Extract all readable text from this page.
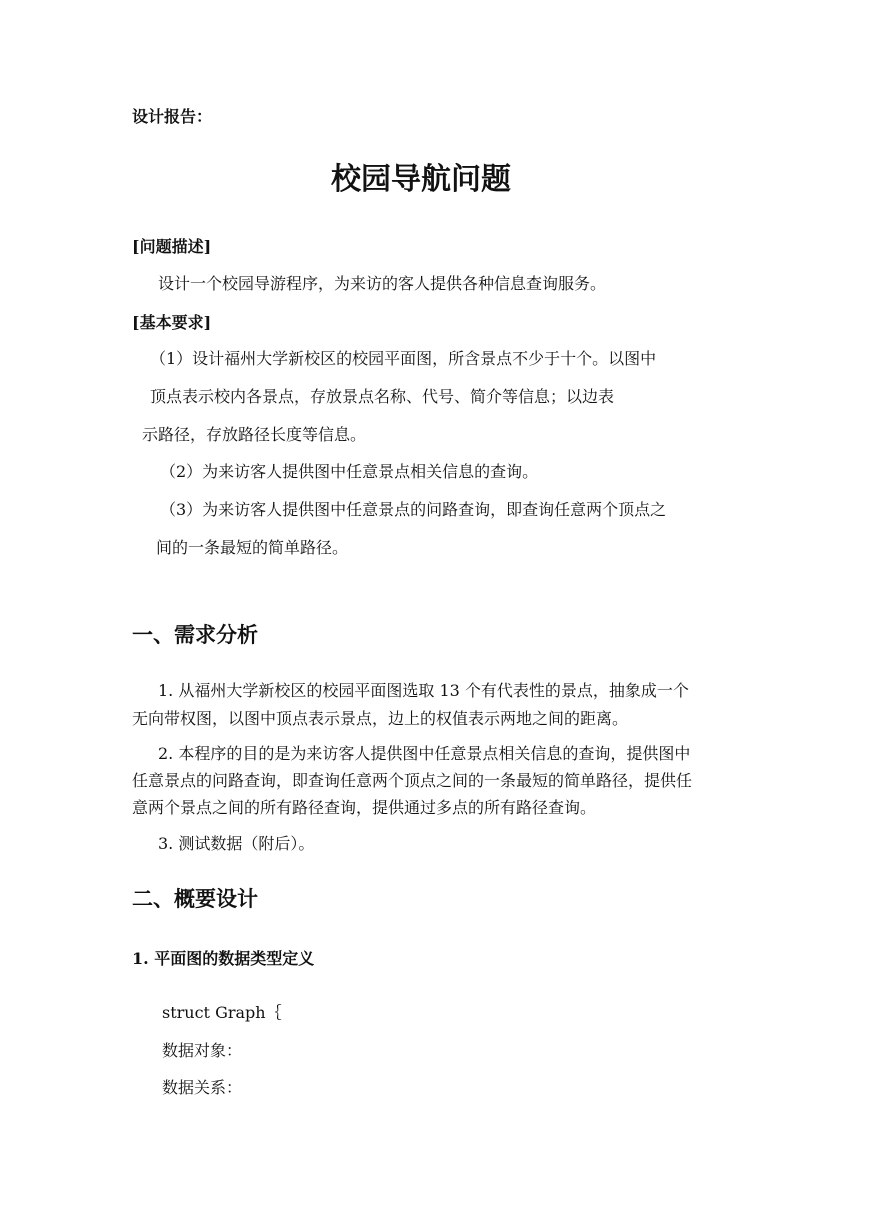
设计报告：
校园导航问题
[问题描述]
设计一个校园导游程序，为来访的客人提供各种信息查询服务。
[基本要求]
（1）设计福州大学新校区的校园平面图，所含景点不少于十个。以图中
顶点表示校内各景点，存放景点名称、代号、简介等信息；以边表
示路径，存放路径长度等信息。
（2）为来访客人提供图中任意景点相关信息的查询。
（3）为来访客人提供图中任意景点的问路查询，即查询任意两个顶点之
间的一条最短的简单路径。
一、需求分析
1. 从福州大学新校区的校园平面图选取 13 个有代表性的景点，抽象成一个
无向带权图，以图中顶点表示景点，边上的权值表示两地之间的距离。
2. 本程序的目的是为来访客人提供图中任意景点相关信息的查询，提供图中
任意景点的问路查询，即查询任意两个顶点之间的一条最短的简单路径，提供任
意两个景点之间的所有路径查询，提供通过多点的所有路径查询。
3. 测试数据（附后）。
二、概要设计
1. 平面图的数据类型定义
struct Graph｛
数据对象：
数据关系：
